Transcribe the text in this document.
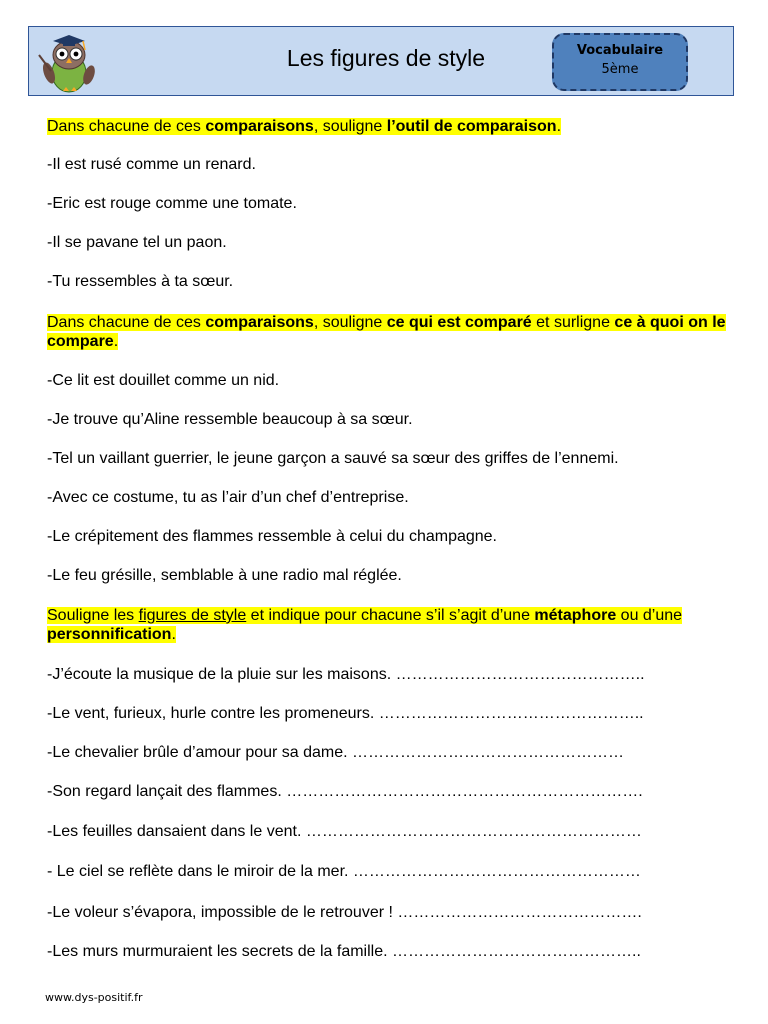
Les figures de style	Vocabulaire
5ème
Dans chacune de ces comparaisons, souligne l’outil de comparaison.
-Il est rusé comme un renard.
-Eric est rouge comme une tomate.
-Il se pavane tel un paon.
-Tu ressembles à ta sœur.
Dans chacune de ces comparaisons, souligne ce qui est comparé et surligne ce à quoi on le compare.
-Ce lit est douillet comme un nid.
-Je trouve qu’Aline ressemble beaucoup à sa sœur.
-Tel un vaillant guerrier, le jeune garçon a sauvé sa sœur des griffes de l’ennemi.
-Avec ce costume, tu as l’air d’un chef d’entreprise.
-Le crépitement des flammes ressemble à celui du champagne.
-Le feu grésille, semblable à une radio mal réglée.
Souligne les figures de style et indique pour chacune s’il s’agit d’une métaphore ou d’une personnification.
-J’écoute la musique de la pluie sur les maisons. ………………………………………..
-Le vent, furieux, hurle contre les promeneurs. …………………………………………..
-Le chevalier brûle d’amour pour sa dame. ……………………………………………
-Son regard lançait des flammes. ………………………………………………………….
-Les feuilles dansaient dans le vent. ………………………………………………………
- Le ciel se reflète dans le miroir de la mer. ………………………………………………
-Le voleur s’évapora, impossible de le retrouver ! ……………………………………….
-Les murs murmuraient les secrets de la famille. ………………………………………..
www.dys-positif.fr
